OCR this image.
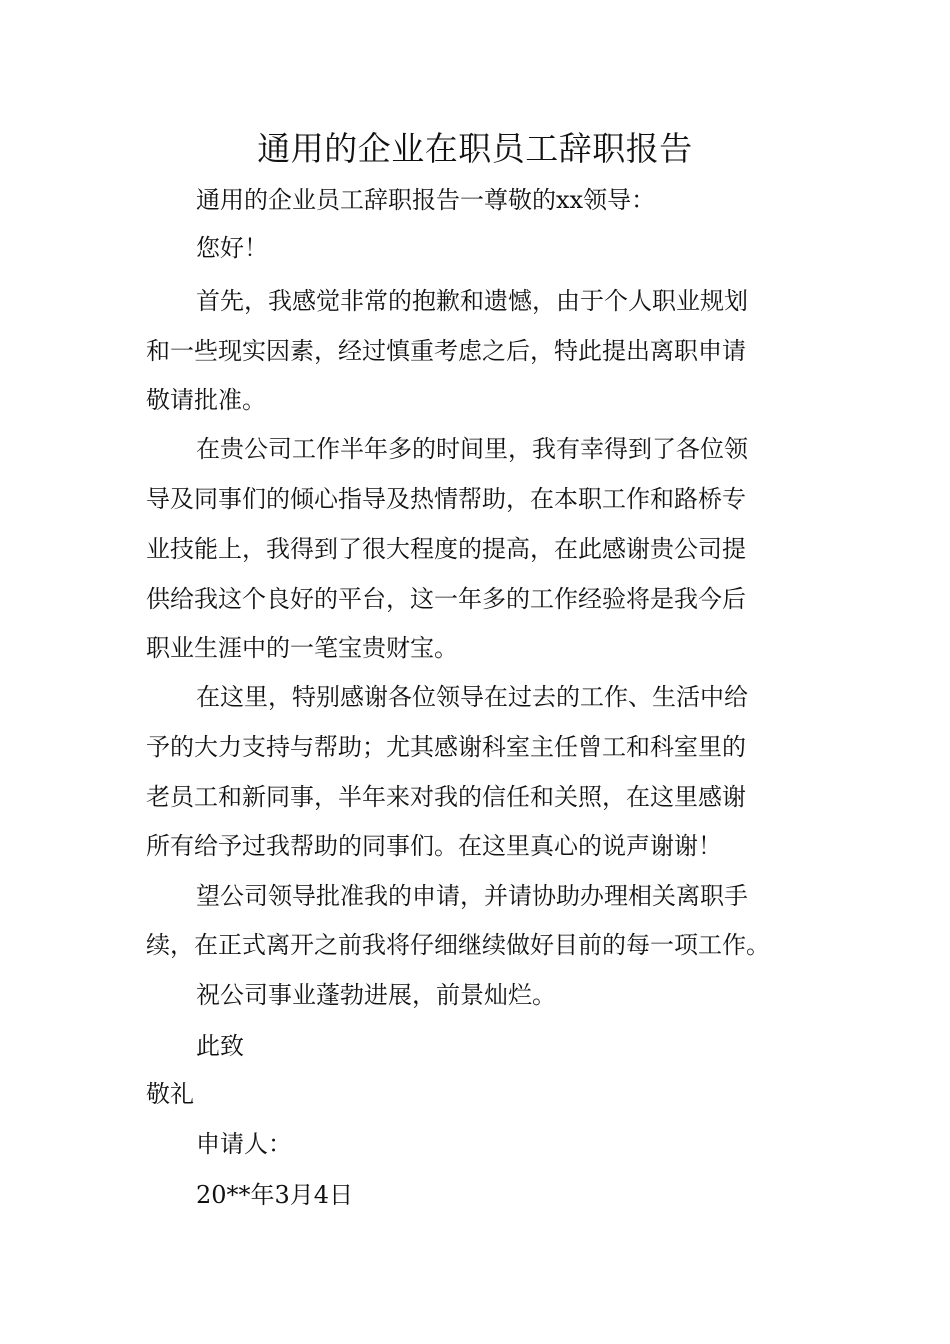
通用的企业在职员工辞职报告

通用的企业员工辞职报告一尊敬的xx领导：

您好！

首先，我感觉非常的抱歉和遗憾，由于个人职业规划

和一些现实因素，经过慎重考虑之后，特此提出离职申请

敬请批准。

在贵公司工作半年多的时间里，我有幸得到了各位领

导及同事们的倾心指导及热情帮助，在本职工作和路桥专

业技能上，我得到了很大程度的提高，在此感谢贵公司提

供给我这个良好的平台，这一年多的工作经验将是我今后

职业生涯中的一笔宝贵财宝。

在这里，特别感谢各位领导在过去的工作、生活中给

予的大力支持与帮助；尤其感谢科室主任曾工和科室里的

老员工和新同事，半年来对我的信任和关照，在这里感谢

所有给予过我帮助的同事们。在这里真心的说声谢谢！

望公司领导批准我的申请，并请协助办理相关离职手

续，在正式离开之前我将仔细继续做好目前的每一项工作。

祝公司事业蓬勃进展，前景灿烂。

此致

敬礼

申请人：

20**年3月4日
